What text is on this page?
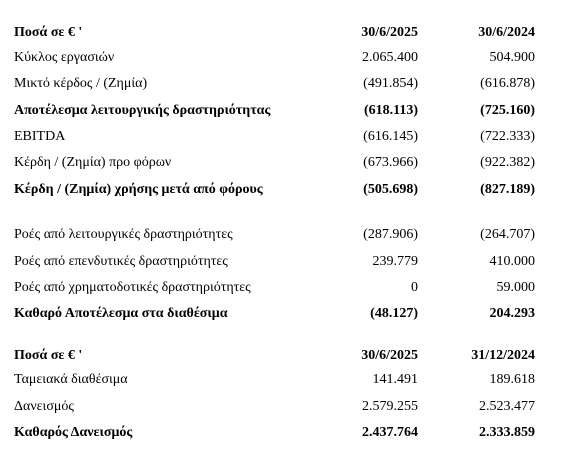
Ποσά σε € '	30/6/2025	30/6/2024
Κύκλος εργασιών	2.065.400	504.900
Μικτό κέρδος / (Ζημία)	(491.854)	(616.878)
Αποτέλεσμα λειτουργικής δραστηριότητας	(618.113)	(725.160)
EBITDA	(616.145)	(722.333)
Κέρδη / (Ζημία) προ φόρων	(673.966)	(922.382)
Κέρδη / (Ζημία) χρήσης μετά από φόρους	(505.698)	(827.189)
Ροές από λειτουργικές δραστηριότητες	(287.906)	(264.707)
Ροές από επενδυτικές δραστηριότητες	239.779	410.000
Ροές από χρηματοδοτικές δραστηριότητες	0	59.000
Καθαρό Αποτέλεσμα στα διαθέσιμα	(48.127)	204.293
Ποσά σε € '	30/6/2025	31/12/2024
Ταμειακά διαθέσιμα	141.491	189.618
Δανεισμός	2.579.255	2.523.477
Καθαρός Δανεισμός	2.437.764	2.333.859
